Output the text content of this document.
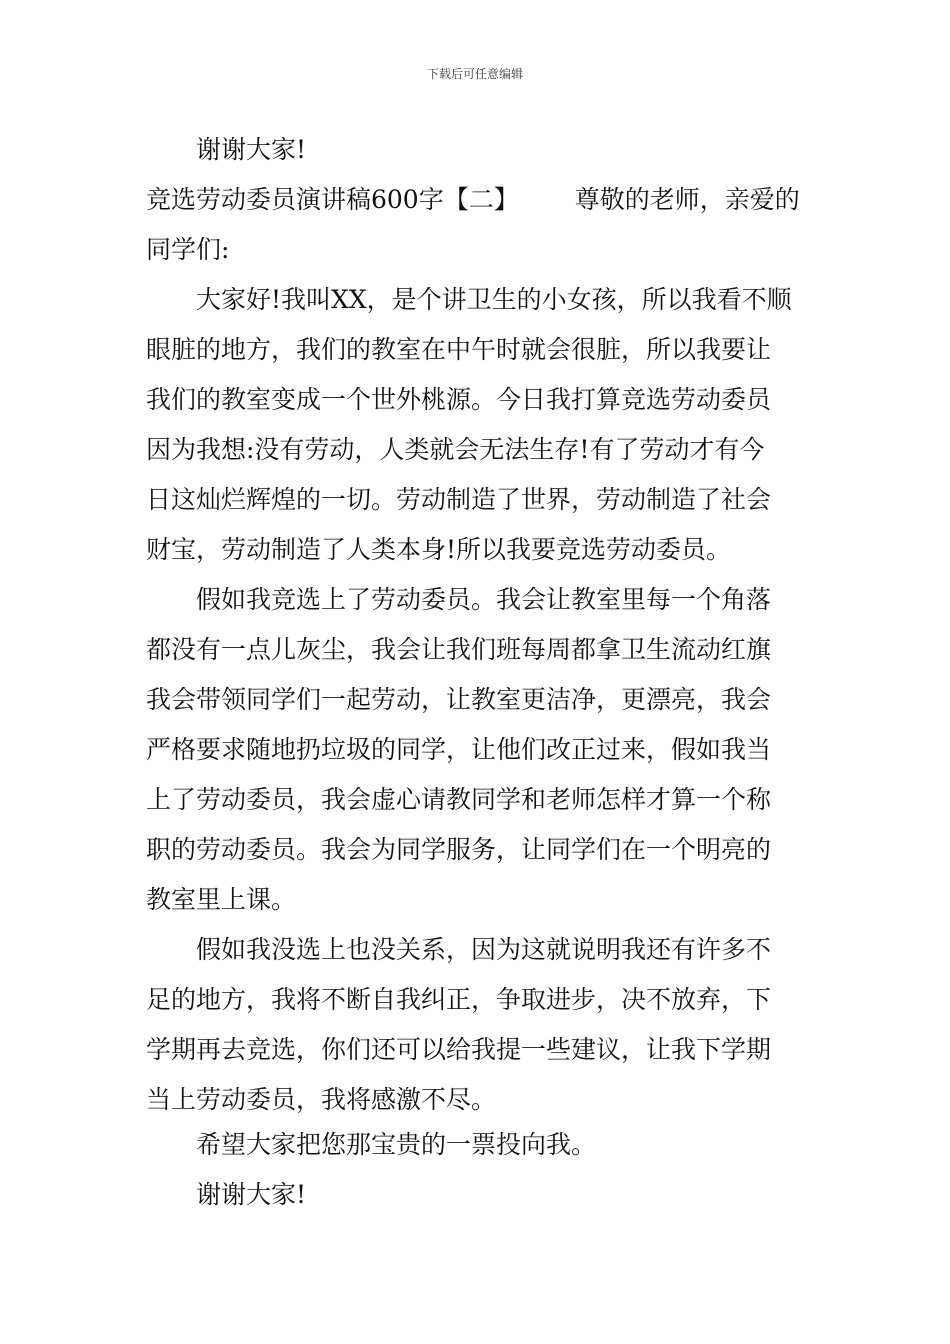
下载后可任意编辑
谢谢大家!
竞选劳动委员演讲稿600字【二】 尊敬的老师，亲爱的
同学们:
大家好!我叫XX，是个讲卫生的小女孩，所以我看不顺
眼脏的地方，我们的教室在中午时就会很脏，所以我要让
我们的教室变成一个世外桃源。今日我打算竞选劳动委员
因为我想:没有劳动，人类就会无法生存!有了劳动才有今
日这灿烂辉煌的一切。劳动制造了世界，劳动制造了社会
财宝，劳动制造了人类本身!所以我要竞选劳动委员。
假如我竞选上了劳动委员。我会让教室里每一个角落
都没有一点儿灰尘，我会让我们班每周都拿卫生流动红旗
我会带领同学们一起劳动，让教室更洁净，更漂亮，我会
严格要求随地扔垃圾的同学，让他们改正过来，假如我当
上了劳动委员，我会虚心请教同学和老师怎样才算一个称
职的劳动委员。我会为同学服务，让同学们在一个明亮的
教室里上课。
假如我没选上也没关系，因为这就说明我还有许多不
足的地方，我将不断自我纠正，争取进步，决不放弃，下
学期再去竞选，你们还可以给我提一些建议，让我下学期
当上劳动委员，我将感激不尽。
希望大家把您那宝贵的一票投向我。
谢谢大家!
